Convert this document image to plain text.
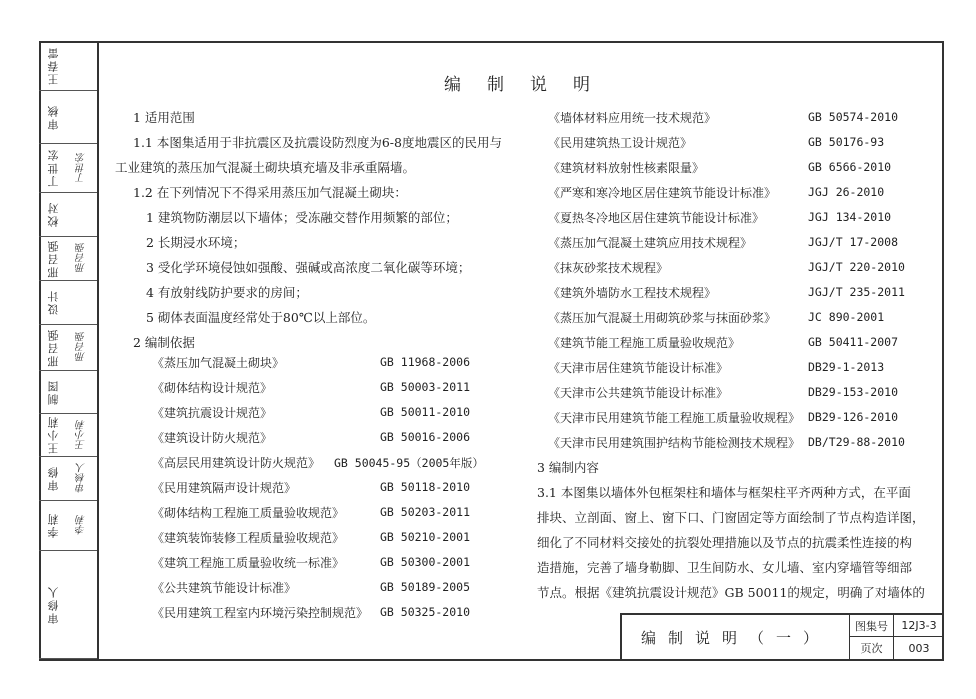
王春雷
审核
丁世宏	丁世宏
校对
邢召强	邢召强
设计
邢召强	邢召强
制图
王小莉	王小莉
审修	审核人
李莉	李莉
审修人
编制说明
1 适用范围
1.1 本图集适用于非抗震区及抗震设防烈度为6-8度地震区的民用与
工业建筑的蒸压加气混凝土砌块填充墙及非承重隔墙。
1.2 在下列情况下不得采用蒸压加气混凝土砌块：
1 建筑物防潮层以下墙体；受冻融交替作用频繁的部位；
2 长期浸水环境；
3 受化学环境侵蚀如强酸、强碱或高浓度二氧化碳等环境；
4 有放射线防护要求的房间；
5 砌体表面温度经常处于80℃以上部位。
2 编制依据
《蒸压加气混凝土砌块》	GB 11968-2006
《砌体结构设计规范》	GB 50003-2011
《建筑抗震设计规范》	GB 50011-2010
《建筑设计防火规范》	GB 50016-2006
《高层民用建筑设计防火规范》 GB 50045-95（2005年版）
《民用建筑隔声设计规范》	GB 50118-2010
《砌体结构工程施工质量验收规范》	GB 50203-2011
《建筑装饰装修工程质量验收规范》	GB 50210-2001
《建筑工程施工质量验收统一标准》	GB 50300-2001
《公共建筑节能设计标准》	GB 50189-2005
《民用建筑工程室内环境污染控制规范》 GB 50325-2010
《墙体材料应用统一技术规范》	GB 50574-2010
《民用建筑热工设计规范》	GB 50176-93
《建筑材料放射性核素限量》	GB 6566-2010
《严寒和寒冷地区居住建筑节能设计标准》	JGJ 26-2010
《夏热冬冷地区居住建筑节能设计标准》	JGJ 134-2010
《蒸压加气混凝土建筑应用技术规程》	JGJ/T 17-2008
《抹灰砂浆技术规程》	JGJ/T 220-2010
《建筑外墙防水工程技术规程》	JGJ/T 235-2011
《蒸压加气混凝土用砌筑砂浆与抹面砂浆》	JC 890-2001
《建筑节能工程施工质量验收规范》	GB 50411-2007
《天津市居住建筑节能设计标准》	DB29-1-2013
《天津市公共建筑节能设计标准》	DB29-153-2010
《天津市民用建筑节能工程施工质量验收规程》 DB29-126-2010
《天津市民用建筑围护结构节能检测技术规程》 DB/T29-88-2010
3 编制内容
3.1 本图集以墙体外包框架柱和墙体与框架柱平齐两种方式，在平面
排块、立剖面、窗上、窗下口、门窗固定等方面绘制了节点构造详图，
细化了不同材料交接处的抗裂处理措施以及节点的抗震柔性连接的构
造措施，完善了墙身勒脚、卫生间防水、女儿墙、室内穿墙管等细部
节点。根据《建筑抗震设计规范》GB 50011的规定，明确了对墙体的
编制说明（一）
图集号	12J3-3
页次	003
